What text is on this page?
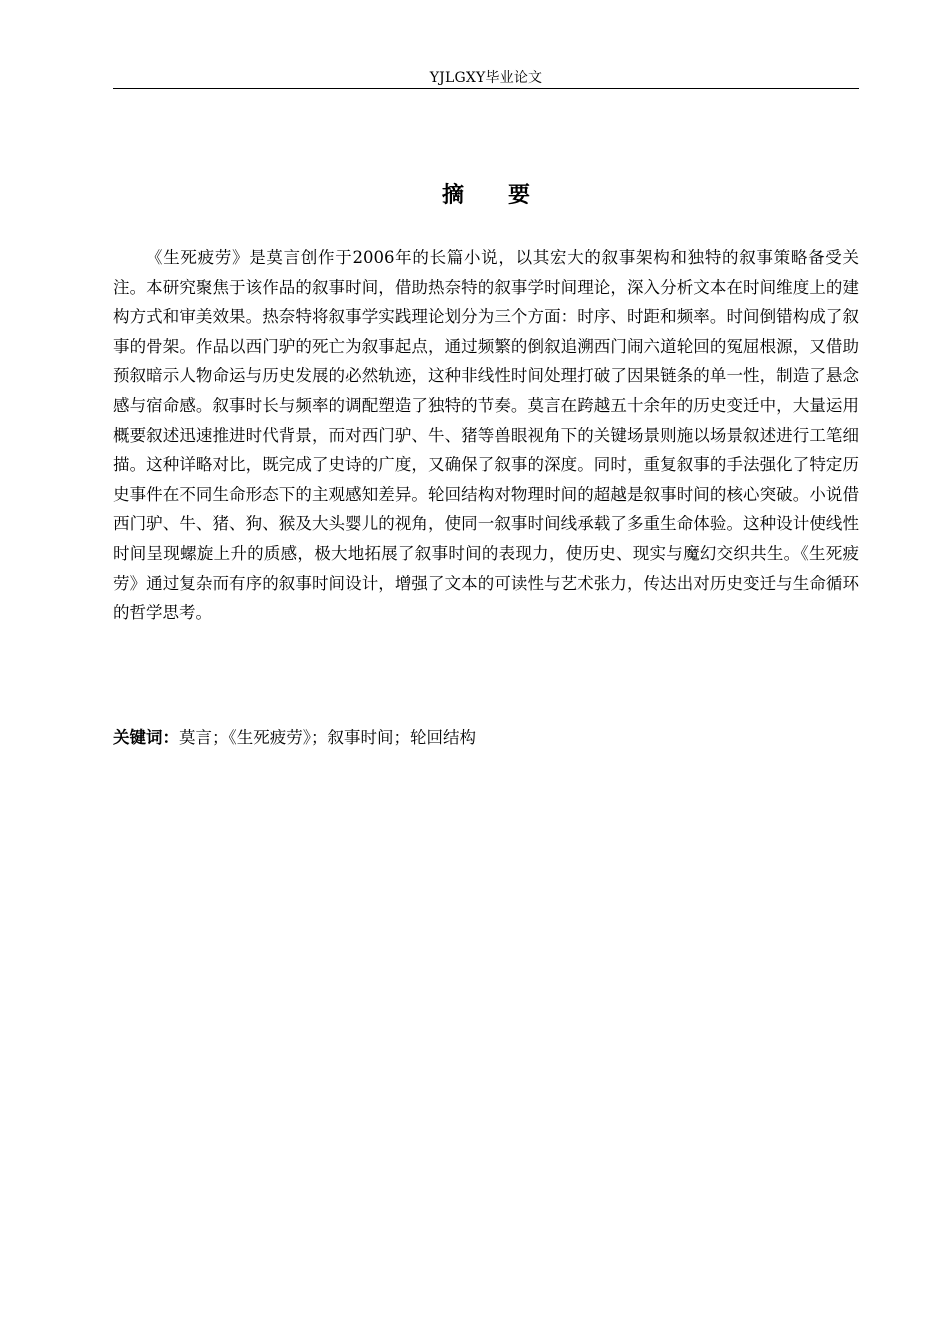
YJLGXY毕业论文
摘 要

《生死疲劳》是莫言创作于2006年的长篇小说，以其宏大的叙事架构和独特的叙事策略备受关注。本研究聚焦于该作品的叙事时间，借助热奈特的叙事学时间理论，深入分析文本在时间维度上的建构方式和审美效果。热奈特将叙事学实践理论划分为三个方面：时序、时距和频率。时间倒错构成了叙事的骨架。作品以西门驴的死亡为叙事起点，通过频繁的倒叙追溯西门闹六道轮回的冤屈根源，又借助预叙暗示人物命运与历史发展的必然轨迹，这种非线性时间处理打破了因果链条的单一性，制造了悬念感与宿命感。叙事时长与频率的调配塑造了独特的节奏。莫言在跨越五十余年的历史变迁中，大量运用概要叙述迅速推进时代背景，而对西门驴、牛、猪等兽眼视角下的关键场景则施以场景叙述进行工笔细描。这种详略对比，既完成了史诗的广度，又确保了叙事的深度。同时，重复叙事的手法强化了特定历史事件在不同生命形态下的主观感知差异。轮回结构对物理时间的超越是叙事时间的核心突破。小说借西门驴、牛、猪、狗、猴及大头婴儿的视角，使同一叙事时间线承载了多重生命体验。这种设计使线性时间呈现螺旋上升的质感，极大地拓展了叙事时间的表现力，使历史、现实与魔幻交织共生。《生死疲劳》通过复杂而有序的叙事时间设计，增强了文本的可读性与艺术张力，传达出对历史变迁与生命循环的哲学思考。

关键词：莫言；《生死疲劳》；叙事时间；轮回结构
